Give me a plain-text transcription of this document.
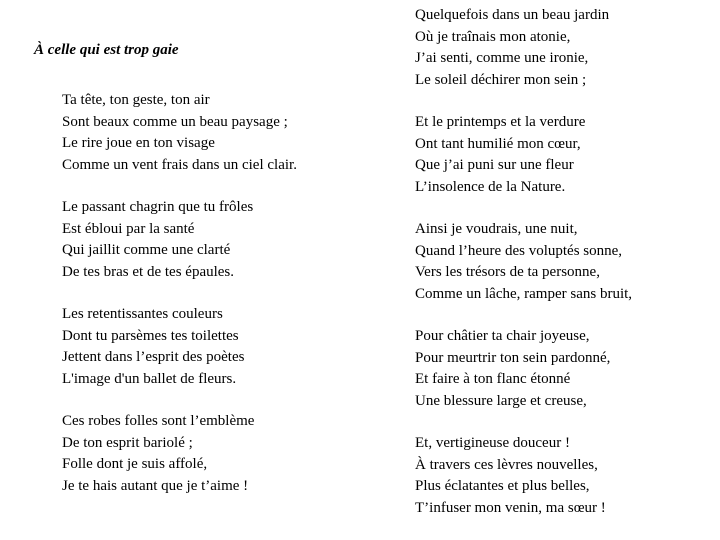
À celle qui est trop gaie
Ta tête, ton geste, ton air
Sont beaux comme un beau paysage ;
Le rire joue en ton visage
Comme un vent frais dans un ciel clair.
Le passant chagrin que tu frôles
Est ébloui par la santé
Qui jaillit comme une clarté
De tes bras et de tes épaules.
Les retentissantes couleurs
Dont tu parsèmes tes toilettes
Jettent dans l’esprit des poètes
L'image d'un ballet de fleurs.
Ces robes folles sont l’emblème
De ton esprit bariolé ;
Folle dont je suis affolé,
Je te hais autant que je t’aime !
Quelquefois dans un beau jardin
Où je traînais mon atonie,
J’ai senti, comme une ironie,
Le soleil déchirer mon sein ;
Et le printemps et la verdure
Ont tant humilié mon cœur,
Que j’ai puni sur une fleur
L’insolence de la Nature.
Ainsi je voudrais, une nuit,
Quand l’heure des voluptés sonne,
Vers les trésors de ta personne,
Comme un lâche, ramper sans bruit,
Pour châtier ta chair joyeuse,
Pour meurtrir ton sein pardonné,
Et faire à ton flanc étonné
Une blessure large et creuse,
Et, vertigineuse douceur !
À travers ces lèvres nouvelles,
Plus éclatantes et plus belles,
T’infuser mon venin, ma sœur !
